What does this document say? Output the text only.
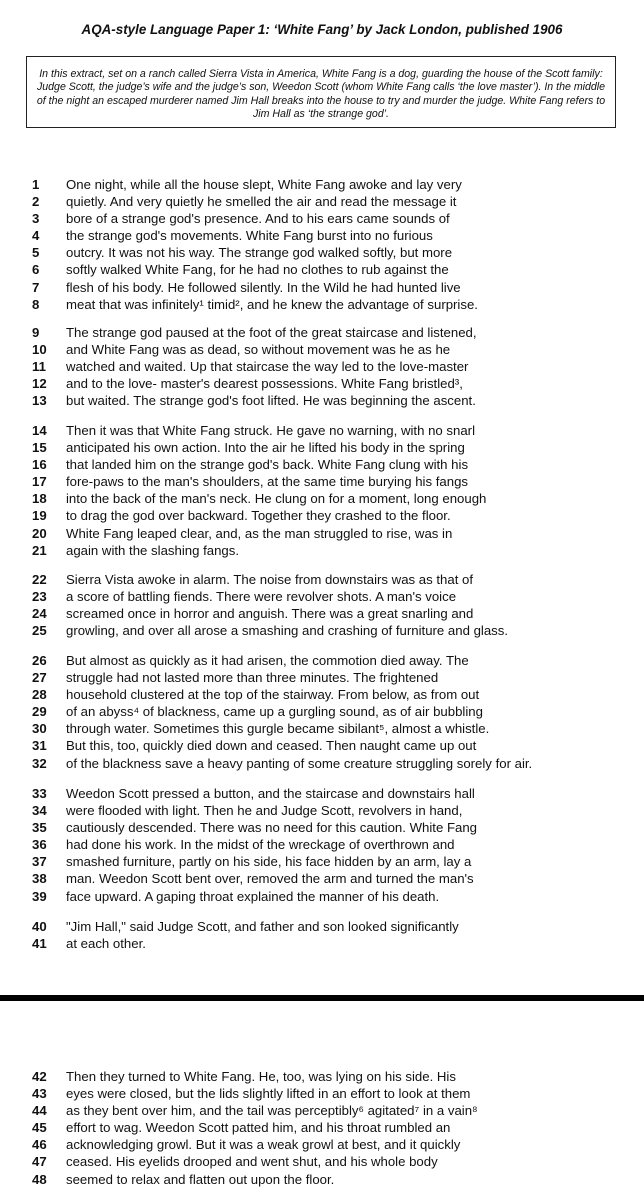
AQA-style Language Paper 1: ‘White Fang’ by Jack London, published 1906
In this extract, set on a ranch called Sierra Vista in America, White Fang is a dog, guarding the house of the Scott family: Judge Scott, the judge’s wife and the judge’s son, Weedon Scott (whom White Fang calls ‘the love master’). In the middle of the night an escaped murderer named Jim Hall breaks into the house to try and murder the judge. White Fang refers to Jim Hall as ‘the strange god’.
1	One night, while all the house slept, White Fang awoke and lay very
2	quietly. And very quietly he smelled the air and read the message it
3	bore of a strange god's presence. And to his ears came sounds of
4	the strange god's movements. White Fang burst into no furious
5	outcry. It was not his way. The strange god walked softly, but more
6	softly walked White Fang, for he had no clothes to rub against the
7	flesh of his body. He followed silently. In the Wild he had hunted live
8	meat that was infinitely¹ timid², and he knew the advantage of surprise.
9	The strange god paused at the foot of the great staircase and listened,
10 and White Fang was as dead, so without movement was he as he
11	watched and waited. Up that staircase the way led to the love-master
12 and to the love- master's dearest possessions. White Fang bristled³,
13 but waited. The strange god's foot lifted. He was beginning the ascent.
14 Then it was that White Fang struck. He gave no warning, with no snarl
15 anticipated his own action. Into the air he lifted his body in the spring
16 that landed him on the strange god's back. White Fang clung with his
17 fore-paws to the man's shoulders, at the same time burying his fangs
18 into the back of the man's neck. He clung on for a moment, long enough
19 to drag the god over backward. Together they crashed to the floor.
20 White Fang leaped clear, and, as the man struggled to rise, was in
21 again with the slashing fangs.
22 Sierra Vista awoke in alarm. The noise from downstairs was as that of
23 a score of battling fiends. There were revolver shots. A man's voice
24 screamed once in horror and anguish. There was a great snarling and
25 growling, and over all arose a smashing and crashing of furniture and glass.
26 But almost as quickly as it had arisen, the commotion died away. The
27 struggle had not lasted more than three minutes. The frightened
28 household clustered at the top of the stairway. From below, as from out
29 of an abyss⁴ of blackness, came up a gurgling sound, as of air bubbling
30 through water. Sometimes this gurgle became sibilant⁵, almost a whistle.
31 But this, too, quickly died down and ceased. Then naught came up out
32 of the blackness save a heavy panting of some creature struggling sorely for air.
33 Weedon Scott pressed a button, and the staircase and downstairs hall
34 were flooded with light. Then he and Judge Scott, revolvers in hand,
35 cautiously descended. There was no need for this caution. White Fang
36 had done his work. In the midst of the wreckage of overthrown and
37 smashed furniture, partly on his side, his face hidden by an arm, lay a
38 man. Weedon Scott bent over, removed the arm and turned the man's
39 face upward. A gaping throat explained the manner of his death.
40 "Jim Hall," said Judge Scott, and father and son looked significantly
41 at each other.
42 Then they turned to White Fang. He, too, was lying on his side. His
43 eyes were closed, but the lids slightly lifted in an effort to look at them
44 as they bent over him, and the tail was perceptibly⁶ agitated⁷ in a vain⁸
45 effort to wag. Weedon Scott patted him, and his throat rumbled an
46 acknowledging growl. But it was a weak growl at best, and it quickly
47 ceased. His eyelids drooped and went shut, and his whole body
48 seemed to relax and flatten out upon the floor.
